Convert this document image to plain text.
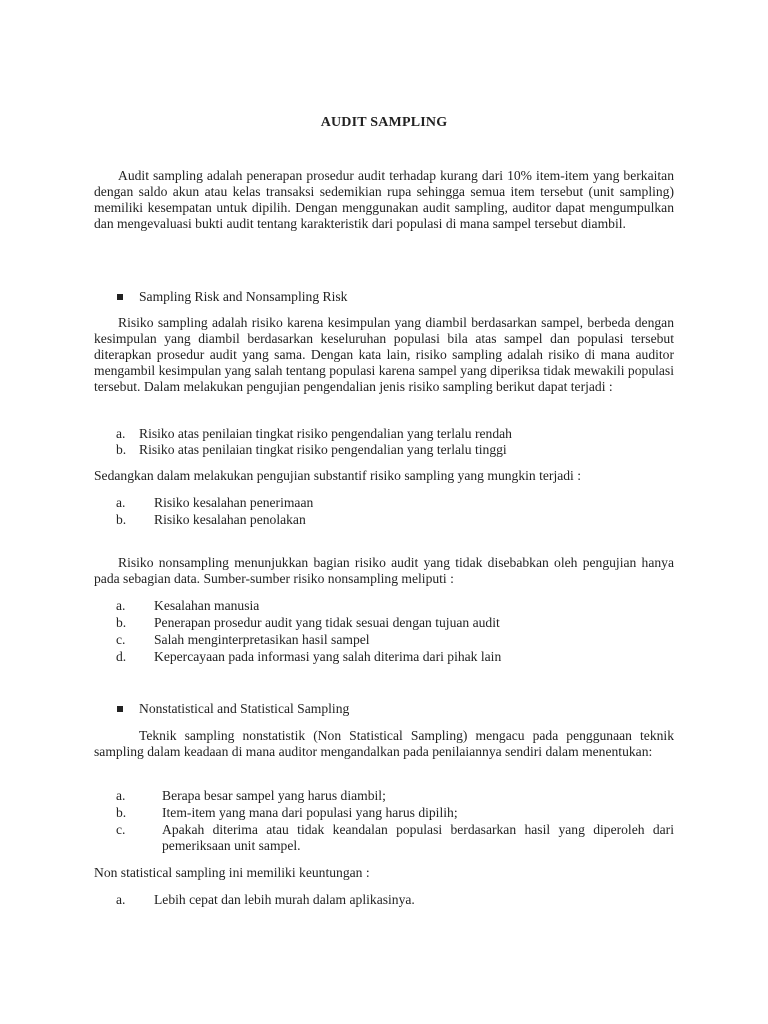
AUDIT SAMPLING

Audit sampling adalah penerapan prosedur audit terhadap kurang dari 10% item-item yang berkaitan dengan saldo akun atau kelas transaksi sedemikian rupa sehingga semua item tersebut (unit sampling) memiliki kesempatan untuk dipilih. Dengan menggunakan audit sampling, auditor dapat mengumpulkan dan mengevaluasi bukti audit tentang karakteristik dari populasi di mana sampel tersebut diambil.

Sampling Risk and Nonsampling Risk

Risiko sampling adalah risiko karena kesimpulan yang diambil berdasarkan sampel, berbeda dengan kesimpulan yang diambil berdasarkan keseluruhan populasi bila atas sampel dan populasi tersebut diterapkan prosedur audit yang sama. Dengan kata lain, risiko sampling adalah risiko di mana auditor mengambil kesimpulan yang salah tentang populasi karena sampel yang diperiksa tidak mewakili populasi tersebut. Dalam melakukan pengujian pengendalian jenis risiko sampling berikut dapat terjadi :

a. Risiko atas penilaian tingkat risiko pengendalian yang terlalu rendah
b. Risiko atas penilaian tingkat risiko pengendalian yang terlalu tinggi

Sedangkan dalam melakukan pengujian substantif risiko sampling yang mungkin terjadi :

a. Risiko kesalahan penerimaan
b. Risiko kesalahan penolakan

Risiko nonsampling menunjukkan bagian risiko audit yang tidak disebabkan oleh pengujian hanya pada sebagian data. Sumber-sumber risiko nonsampling meliputi :

a. Kesalahan manusia
b. Penerapan prosedur audit yang tidak sesuai dengan tujuan audit
c. Salah menginterpretasikan hasil sampel
d. Kepercayaan pada informasi yang salah diterima dari pihak lain
Nonstatistical and Statistical Sampling

Teknik sampling nonstatistik (Non Statistical Sampling) mengacu pada penggunaan teknik sampling dalam keadaan di mana auditor mengandalkan pada penilaiannya sendiri dalam menentukan:

a.	Berapa besar sampel yang harus diambil;
b.	Item-item yang mana dari populasi yang harus dipilih;
c.	Apakah diterima atau tidak keandalan populasi berdasarkan hasil yang diperoleh dari pemeriksaan unit sampel.

Non statistical sampling ini memiliki keuntungan :

a. Lebih cepat dan lebih murah dalam aplikasinya.
